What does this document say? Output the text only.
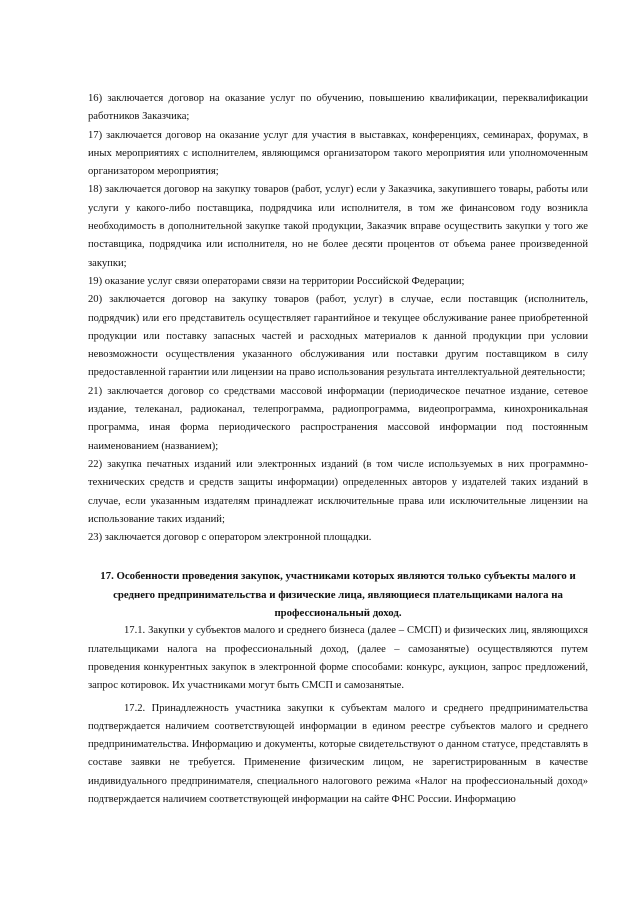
16) заключается договор на оказание услуг по обучению, повышению квалификации, переквалификации работников Заказчика;

17) заключается договор на оказание услуг для участия в выставках, конференциях, семинарах, форумах, в иных мероприятиях с исполнителем, являющимся организатором такого мероприятия или уполномоченным организатором мероприятия;

18) заключается договор на закупку товаров (работ, услуг) если у Заказчика, закупившего товары, работы или услуги у какого-либо поставщика, подрядчика или исполнителя, в том же финансовом году возникла необходимость в дополнительной закупке такой продукции, Заказчик вправе осуществить закупки у того же поставщика, подрядчика или исполнителя, но не более десяти процентов от объема ранее произведенной закупки;

19) оказание услуг связи операторами связи на территории Российской Федерации;

20) заключается договор на закупку товаров (работ, услуг) в случае, если поставщик (исполнитель, подрядчик) или его представитель осуществляет гарантийное и текущее обслуживание ранее приобретенной продукции или поставку запасных частей и расходных материалов к данной продукции при условии невозможности осуществления указанного обслуживания или поставки другим поставщиком в силу предоставленной гарантии или лицензии на право использования результата интеллектуальной деятельности;

21) заключается договор со средствами массовой информации (периодическое печатное издание, сетевое издание, телеканал, радиоканал, телепрограмма, радиопрограмма, видеопрограмма, кинохроникальная программа, иная форма периодического распространения массовой информации под постоянным наименованием (названием);

22) закупка печатных изданий или электронных изданий (в том числе используемых в них программно-технических средств и средств защиты информации) определенных авторов у издателей таких изданий в случае, если указанным издателям принадлежат исключительные права или исключительные лицензии на использование таких изданий;

23) заключается договор с оператором электронной площадки.

17. Особенности проведения закупок, участниками которых являются только субъекты малого и среднего предпринимательства и физические лица, являющиеся плательщиками налога на профессиональный доход.

17.1. Закупки у субъектов малого и среднего бизнеса (далее – СМСП) и физических лиц, являющихся плательщиками налога на профессиональный доход, (далее – самозанятые) осуществляются путем проведения конкурентных закупок в электронной форме способами: конкурс, аукцион, запрос предложений, запрос котировок. Их участниками могут быть СМСП и самозанятые.

17.2. Принадлежность участника закупки к субъектам малого и среднего предпринимательства подтверждается наличием соответствующей информации в едином реестре субъектов малого и среднего предпринимательства. Информацию и документы, которые свидетельствуют о данном статусе, представлять в составе заявки не требуется. Применение физическим лицом, не зарегистрированным в качестве индивидуального предпринимателя, специального налогового режима «Налог на профессиональный доход» подтверждается наличием соответствующей информации на сайте ФНС России. Информацию
